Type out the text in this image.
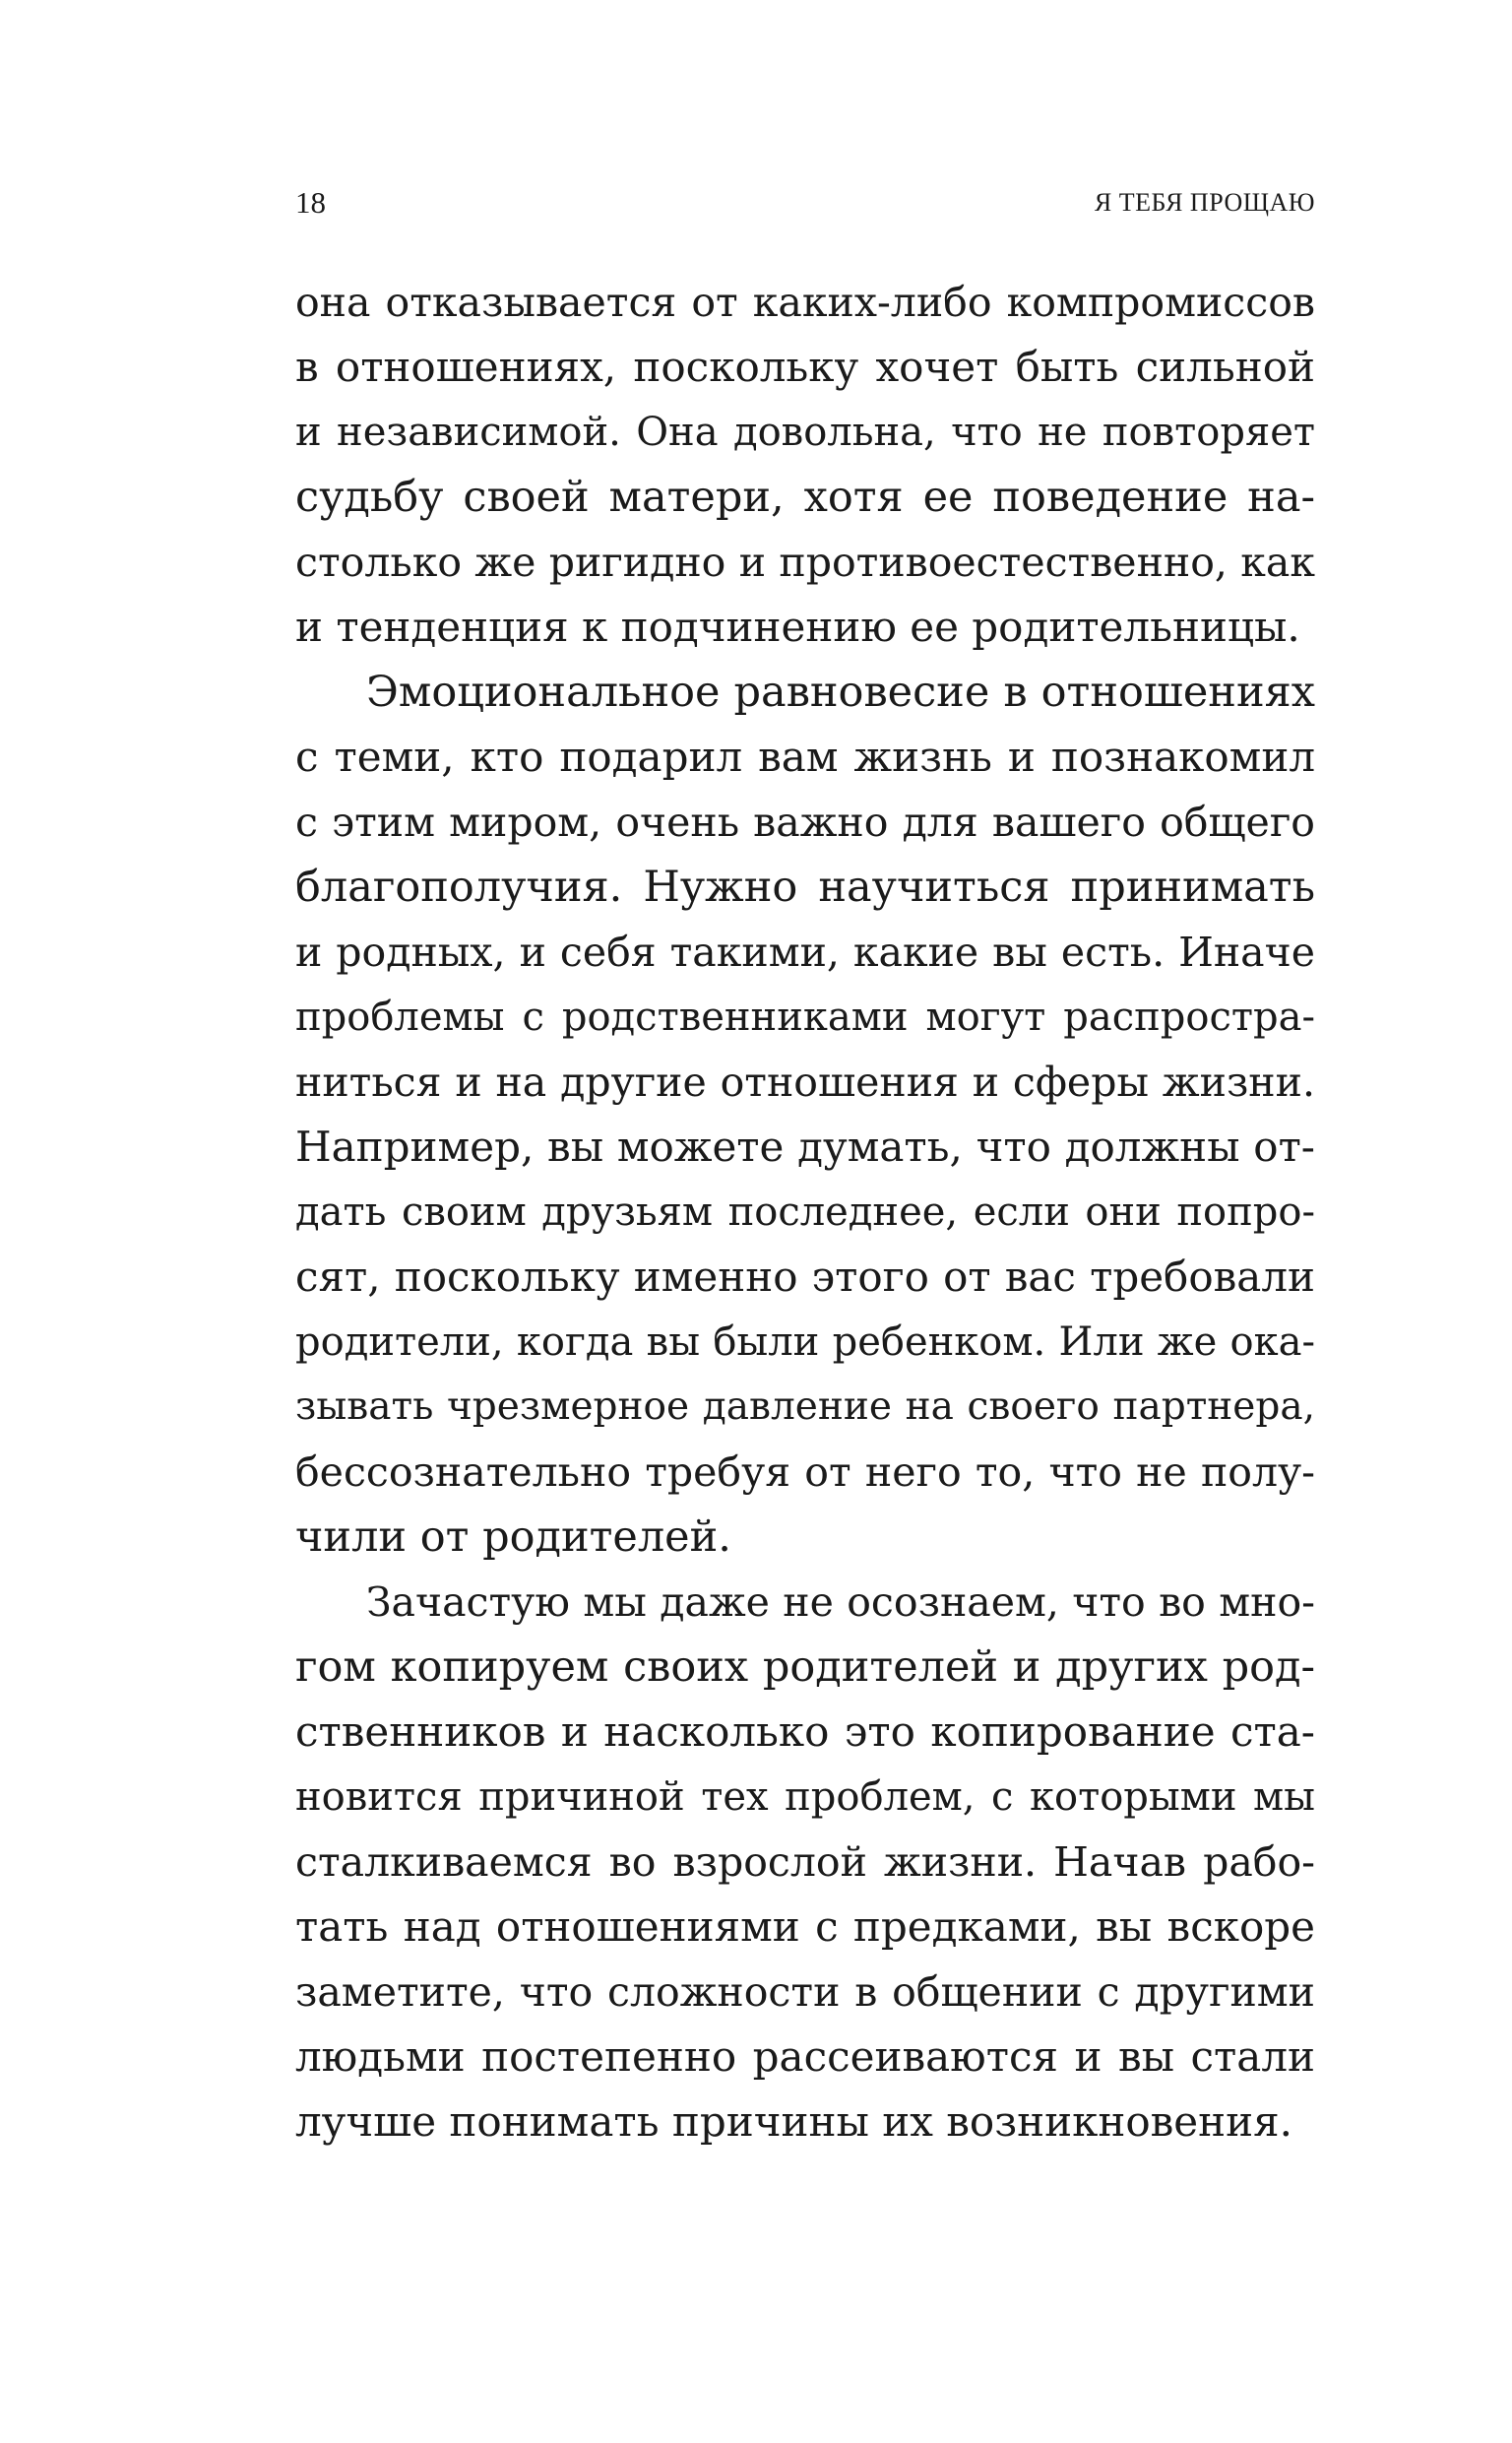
18	Я ТЕБЯ ПРОЩАЮ
она отказывается от каких-либо компромиссов
в отношениях, поскольку хочет быть сильной
и независимой. Она довольна, что не повторяет
судьбу своей матери, хотя ее поведение на-
столько же ригидно и противоестественно, как
и тенденция к подчинению ее родительницы.
Эмоциональное равновесие в отношениях
с теми, кто подарил вам жизнь и познакомил
с этим миром, очень важно для вашего общего
благополучия. Нужно научиться принимать
и родных, и себя такими, какие вы есть. Иначе
проблемы с родственниками могут распростра-
ниться и на другие отношения и сферы жизни.
Например, вы можете думать, что должны от-
дать своим друзьям последнее, если они попро-
сят, поскольку именно этого от вас требовали
родители, когда вы были ребенком. Или же ока-
зывать чрезмерное давление на своего партнера,
бессознательно требуя от него то, что не полу-
чили от родителей.
Зачастую мы даже не осознаем, что во мно-
гом копируем своих родителей и других род-
ственников и насколько это копирование ста-
новится причиной тех проблем, с которыми мы
сталкиваемся во взрослой жизни. Начав рабо-
тать над отношениями с предками, вы вскоре
заметите, что сложности в общении с другими
людьми постепенно рассеиваются и вы стали
лучше понимать причины их возникновения.
